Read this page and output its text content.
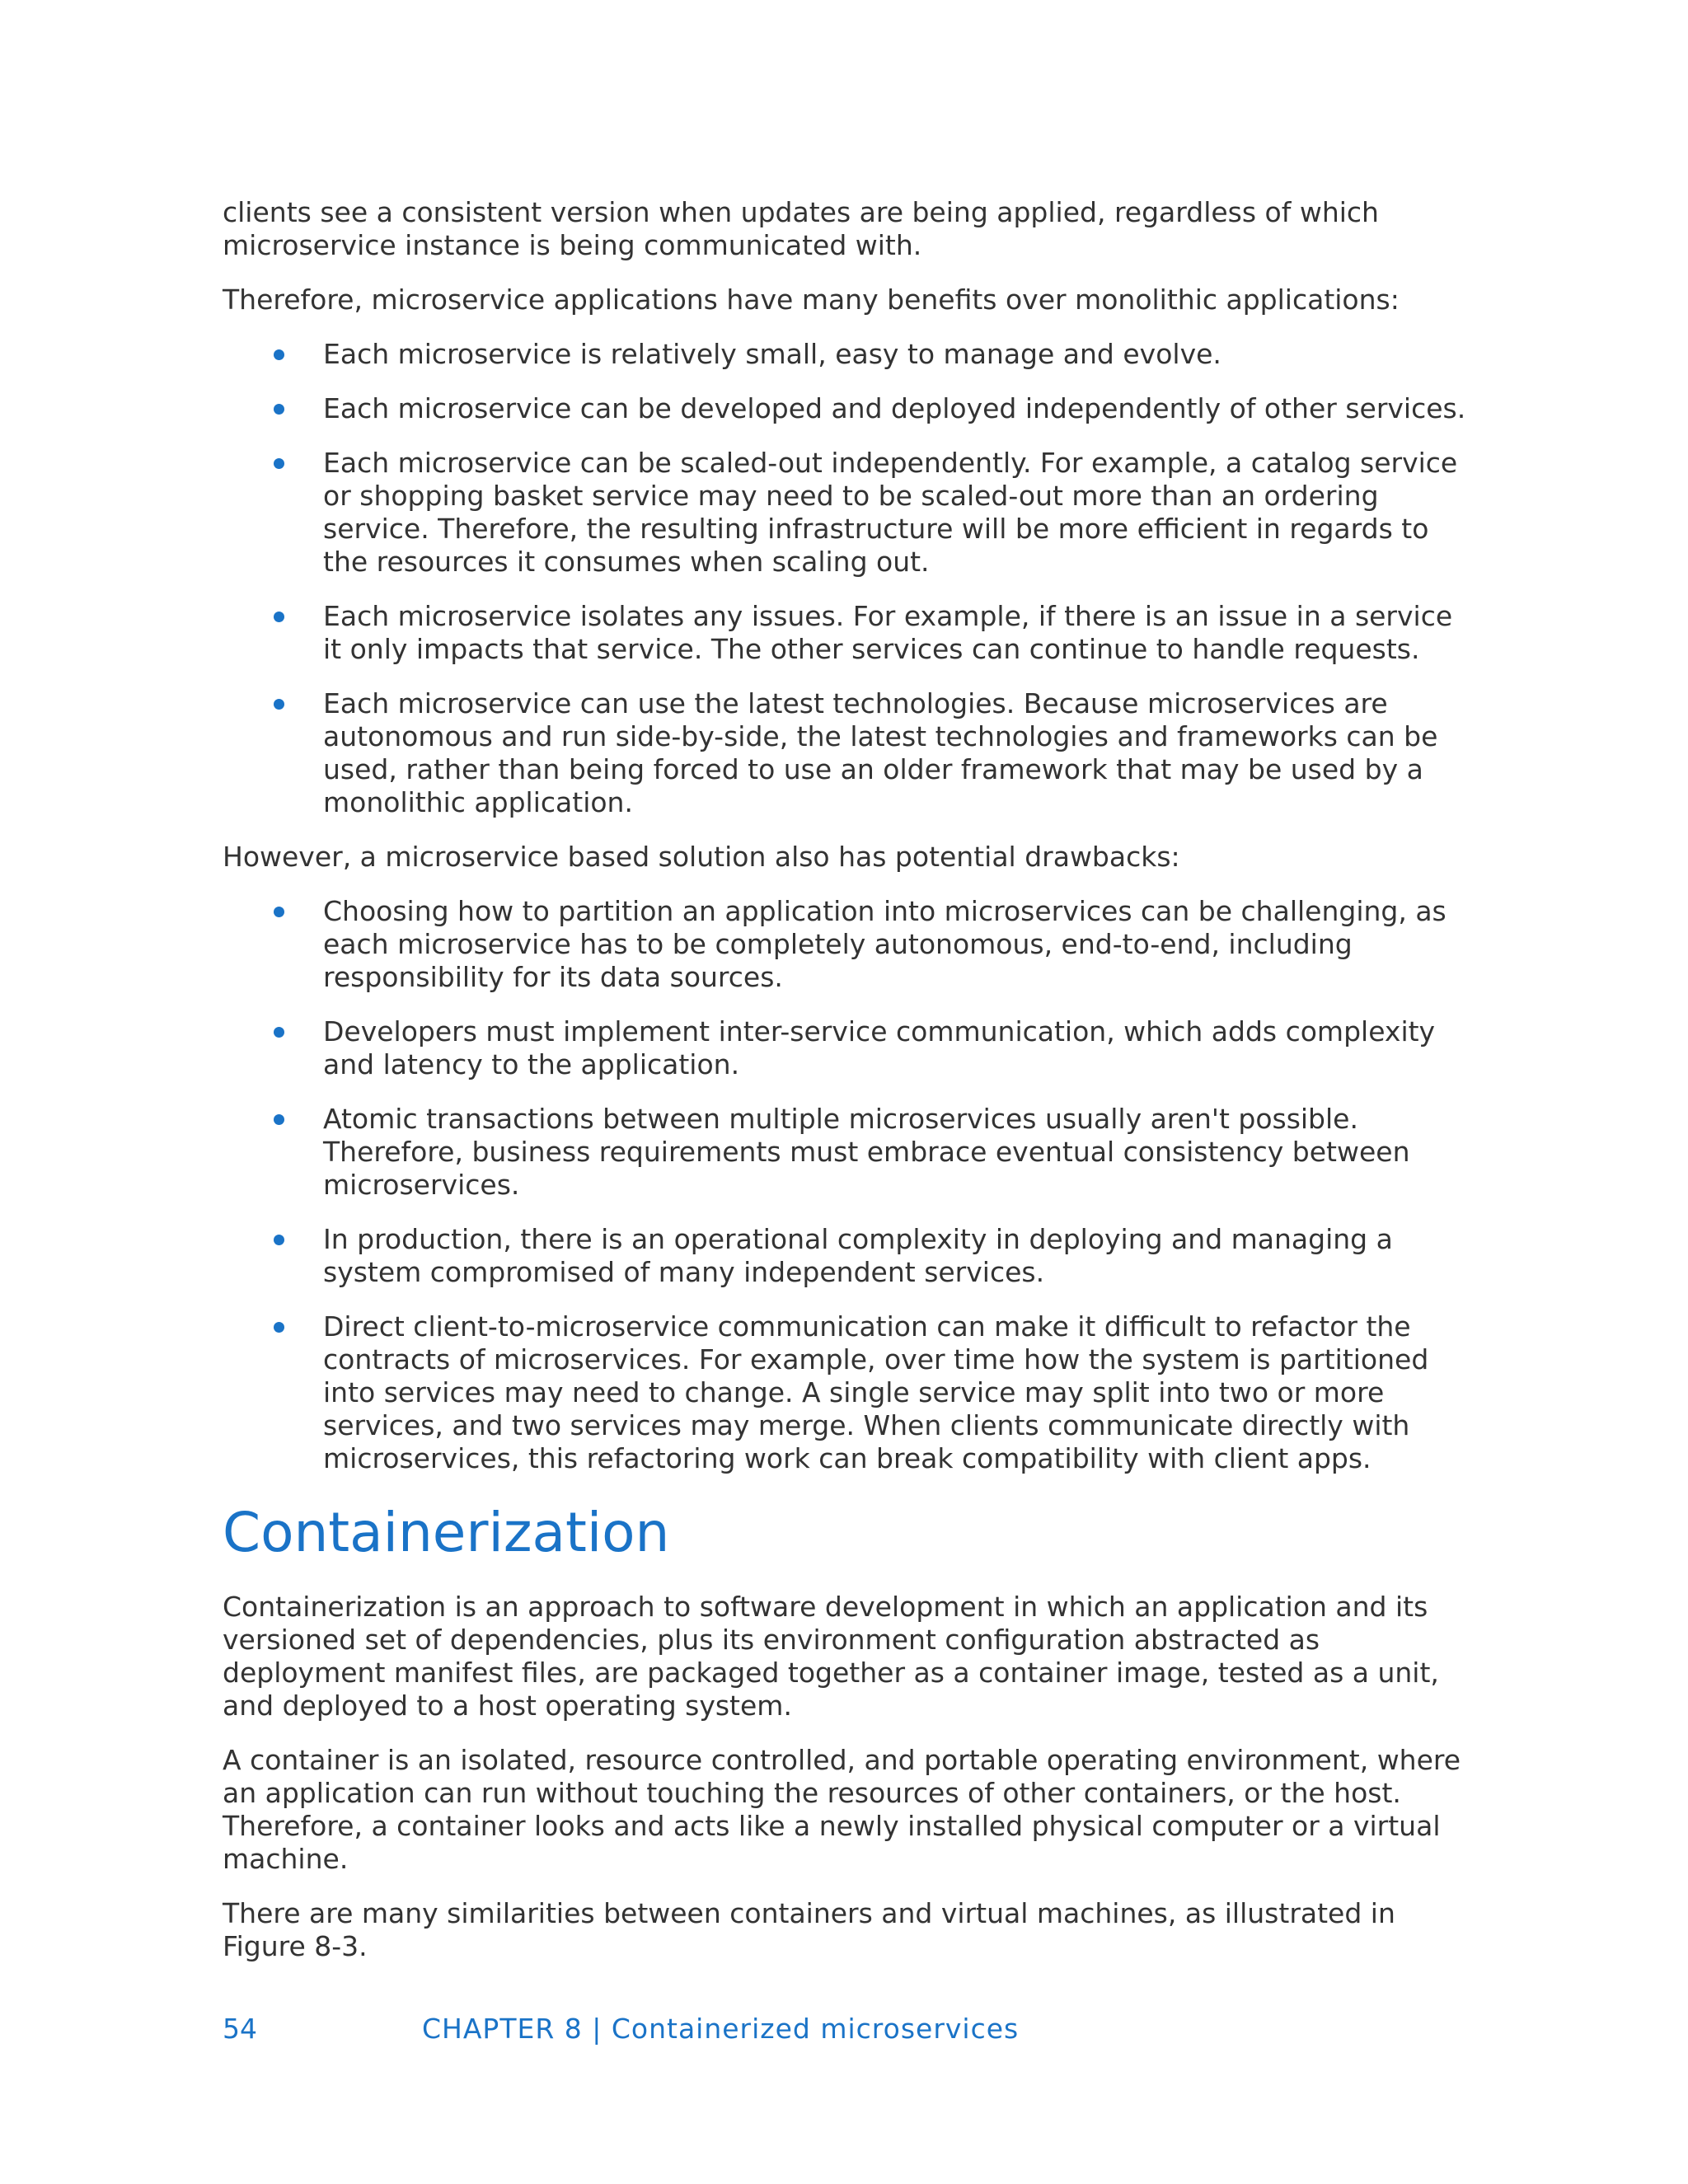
clients see a consistent version when updates are being applied, regardless of which microservice instance is being communicated with.

Therefore, microservice applications have many benefits over monolithic applications:

Each microservice is relatively small, easy to manage and evolve.
Each microservice can be developed and deployed independently of other services.
Each microservice can be scaled-out independently. For example, a catalog service or shopping basket service may need to be scaled-out more than an ordering service. Therefore, the resulting infrastructure will be more efficient in regards to the resources it consumes when scaling out.
Each microservice isolates any issues. For example, if there is an issue in a service it only impacts that service. The other services can continue to handle requests.
Each microservice can use the latest technologies. Because microservices are autonomous and run side-by-side, the latest technologies and frameworks can be used, rather than being forced to use an older framework that may be used by a monolithic application.

However, a microservice based solution also has potential drawbacks:

Choosing how to partition an application into microservices can be challenging, as each microservice has to be completely autonomous, end-to-end, including responsibility for its data sources.
Developers must implement inter-service communication, which adds complexity and latency to the application.
Atomic transactions between multiple microservices usually aren't possible. Therefore, business requirements must embrace eventual consistency between microservices.
In production, there is an operational complexity in deploying and managing a system compromised of many independent services.
Direct client-to-microservice communication can make it difficult to refactor the contracts of microservices. For example, over time how the system is partitioned into services may need to change. A single service may split into two or more services, and two services may merge. When clients communicate directly with microservices, this refactoring work can break compatibility with client apps.
Containerization

Containerization is an approach to software development in which an application and its versioned set of dependencies, plus its environment configuration abstracted as deployment manifest files, are packaged together as a container image, tested as a unit, and deployed to a host operating system.

A container is an isolated, resource controlled, and portable operating environment, where an application can run without touching the resources of other containers, or the host. Therefore, a container looks and acts like a newly installed physical computer or a virtual machine.

There are many similarities between containers and virtual machines, as illustrated in Figure 8-3.

54	CHAPTER 8 | Containerized microservices
